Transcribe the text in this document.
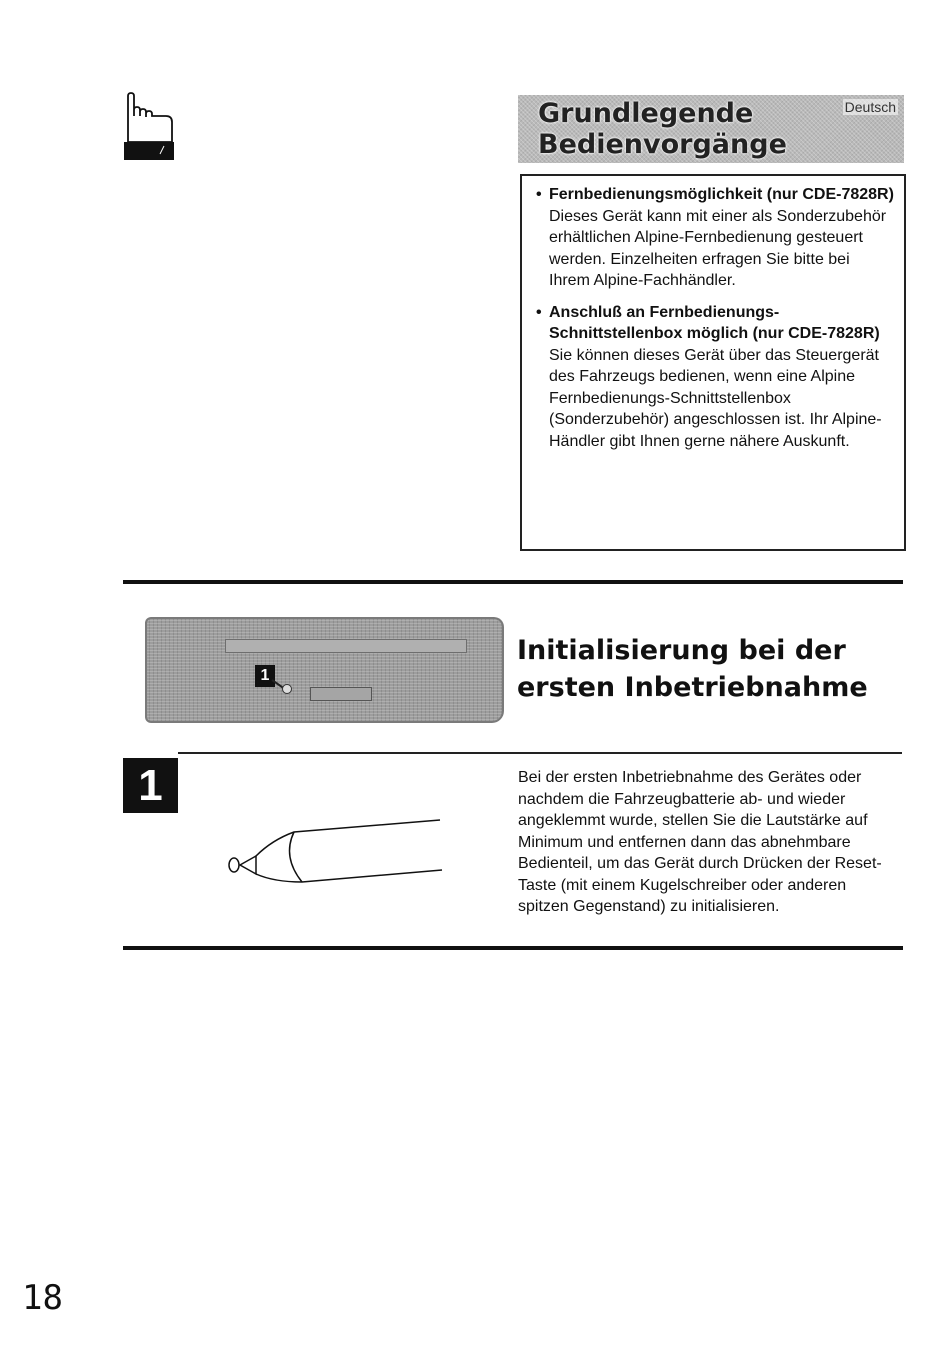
Grundlegende
Bedienvorgänge
Deutsch
• Fernbedienungsmöglichkeit (nur CDE-7828R)
Dieses Gerät kann mit einer als Sonderzubehör erhältlichen Alpine-Fernbedienung gesteuert werden. Einzelheiten erfragen Sie bitte bei Ihrem Alpine-Fachhändler.
• Anschluß an Fernbedienungs-Schnittstellenbox möglich (nur CDE-7828R)
Sie können dieses Gerät über das Steuergerät des Fahrzeugs bedienen, wenn eine Alpine Fernbedienungs-Schnittstellenbox (Sonderzubehör) angeschlossen ist. Ihr Alpine-Händler gibt Ihnen gerne nähere Auskunft.
1
Initialisierung bei der
ersten Inbetriebnahme
1	Bei der ersten Inbetriebnahme des Gerätes oder nachdem die Fahrzeugbatterie ab- und wieder angeklemmt wurde, stellen Sie die Lautstärke auf Minimum und entfernen dann das abnehmbare Bedienteil, um das Gerät durch Drücken der Reset-Taste (mit einem Kugelschreiber oder anderen spitzen Gegenstand) zu initialisieren.

18
